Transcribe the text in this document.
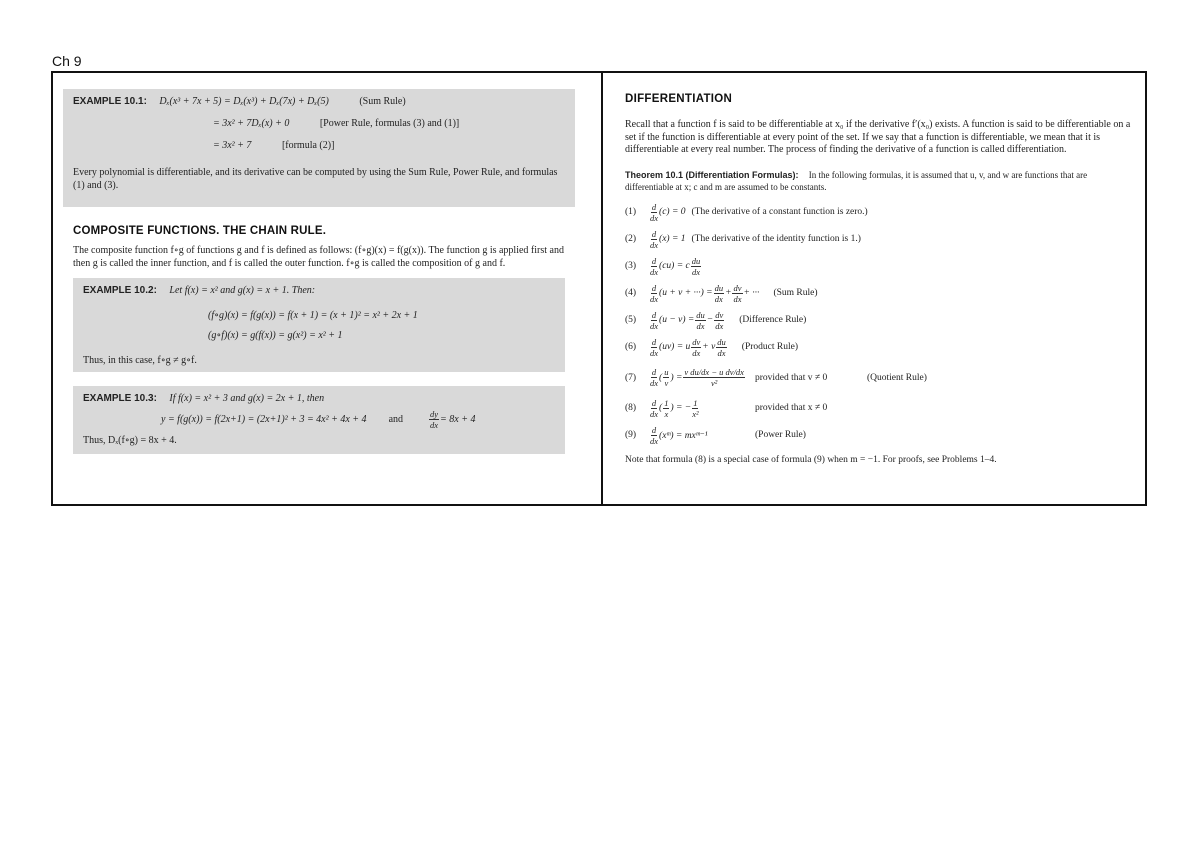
Ch 9
EXAMPLE 10.1: Dₓ(x³ + 7x + 5) = Dₓ(x³) + Dₓ(7x) + Dₓ(5)	(Sum Rule)
= 3x² + 7Dₓ(x) + 0	[Power Rule, formulas (3) and (1)]
= 3x² + 7	[formula (2)]
Every polynomial is differentiable, and its derivative can be computed by using the Sum Rule, Power Rule, and formulas (1) and (3).
COMPOSITE FUNCTIONS. THE CHAIN RULE.
The composite function f∘g of functions g and f is defined as follows: (f∘g)(x) = f(g(x)). The function g is applied first and then g is called the inner function, and f is called the outer function. f∘g is called the composition of g and f.
EXAMPLE 10.2: Let f(x) = x² and g(x) = x + 1. Then:
(f∘g)(x) = f(g(x)) = f(x + 1) = (x + 1)² = x² + 2x + 1
(g∘f)(x) = g(f(x)) = g(x²) = x² + 1
Thus, in this case, f∘g ≠ g∘f.
EXAMPLE 10.3: If f(x) = x² + 3 and g(x) = 2x + 1, then
y = f(g(x)) = f(2x+1) = (2x+1)² + 3 = 4x² + 4x + 4 and	$\frac{dy}{dx} = 8x + 4$
Thus, Dₓ(f∘g) = 8x + 4.
DIFFERENTIATION
Recall that a function f is said to be differentiable at x₀ if the derivative f′(x₀) exists. A function is said to be differentiable on a set if the function is differentiable at every point of the set. If we say that a function is differentiable, we mean that it is differentiable at every real number. The process of finding the derivative of a function is called differentiation.
Theorem 10.1 (Differentiation Formulas): In the following formulas, it is assumed that u, v, and w are functions that are differentiable at x; c and m are assumed to be constants.
(1)	$\frac{d}{dx} (c) = 0$ (The derivative of a constant function is zero.)
(2)	$\frac{d}{dx} (x) = 1$ (The derivative of the identity function is 1.)
(3)	$\frac{d}{dx} (cu) = c \frac{du}{dx}$
(4)	$\frac{d}{dx} (u + v$ + ···) = $\frac{du}{dx} + \frac{dv}{dx}$ + ··· (Sum Rule)
(5)	$\frac{d}{dx} (u - v) = \frac{du}{dx} - \frac{dv}{dx}$ (Difference Rule)
(6)	$\frac{d}{dx} (uv) = u \frac{dv}{dx} + v \frac{du}{dx}$ (Product Rule)
(7)	$\frac{d}{dx}$ ( $\frac{u}{v}$ ) = $\frac{\text{v du/dx − u dv/dx}}{\text{v²}}$ provided that v ≠ 0	(Quotient Rule)
(8)	$\frac{d}{dx}$ ( $\frac{1}{x}$ ) = − $\frac{1}{\text{x²}}$	provided that x ≠ 0
(9)	$\frac{d}{dx}$ (xᵐ) = mxᵐ⁻¹	(Power Rule)
Note that formula (8) is a special case of formula (9) when m = −1. For proofs, see Problems 1–4.
